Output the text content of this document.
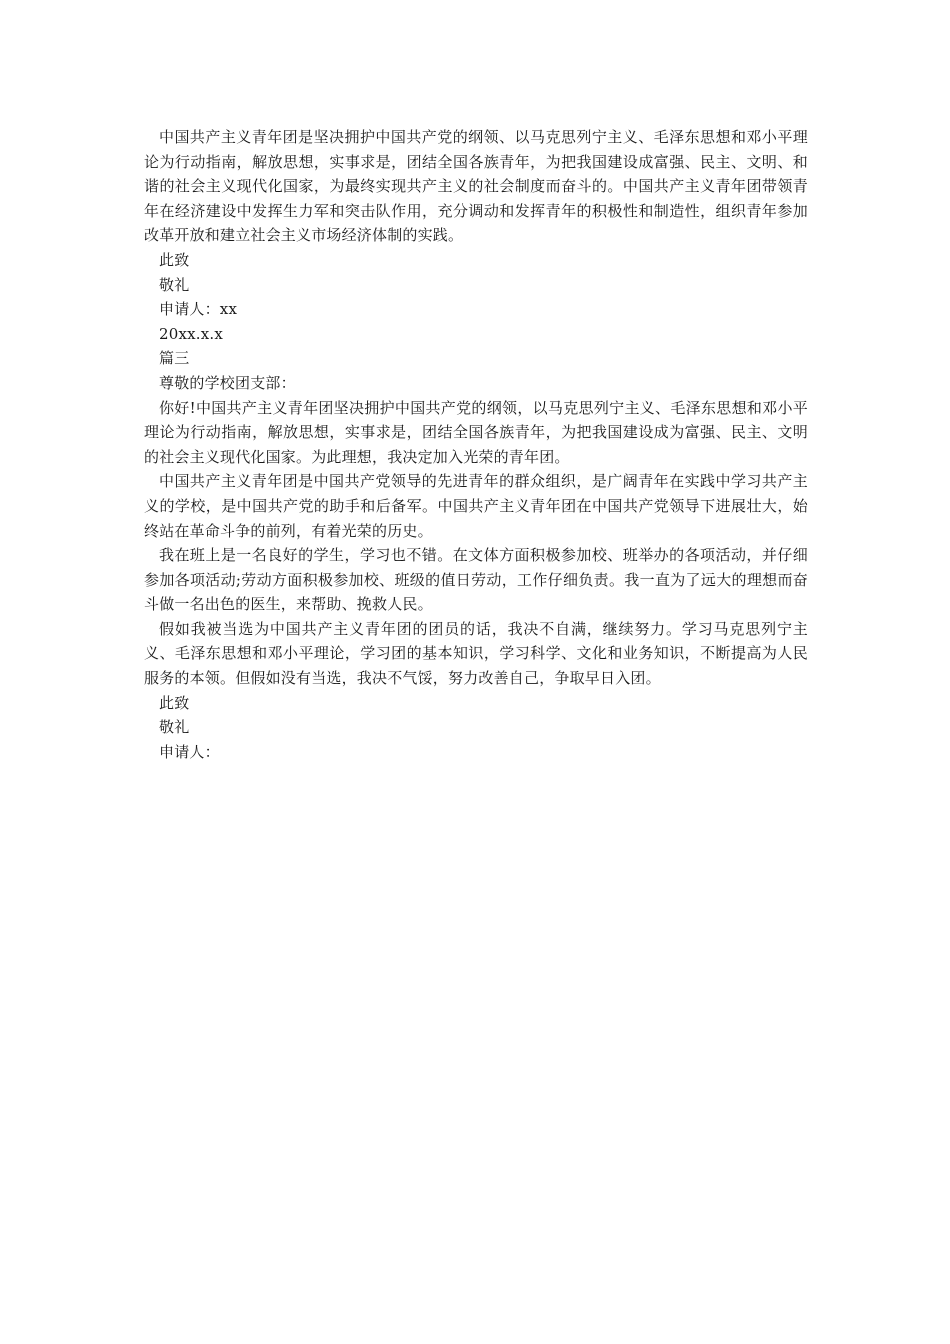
中国共产主义青年团是坚决拥护中国共产党的纲领、以马克思列宁主义、毛泽东思想和邓小平理论为行动指南，解放思想，实事求是，团结全国各族青年，为把我国建设成富强、民主、文明、和谐的社会主义现代化国家，为最终实现共产主义的社会制度而奋斗的。中国共产主义青年团带领青年在经济建设中发挥生力军和突击队作用，充分调动和发挥青年的积极性和制造性，组织青年参加改革开放和建立社会主义市场经济体制的实践。

此致

敬礼

申请人：xx

20xx.x.x

篇三

尊敬的学校团支部：

你好!中国共产主义青年团坚决拥护中国共产党的纲领，以马克思列宁主义、毛泽东思想和邓小平理论为行动指南，解放思想，实事求是，团结全国各族青年，为把我国建设成为富强、民主、文明的社会主义现代化国家。为此理想，我决定加入光荣的青年团。

中国共产主义青年团是中国共产党领导的先进青年的群众组织，是广阔青年在实践中学习共产主义的学校，是中国共产党的助手和后备军。中国共产主义青年团在中国共产党领导下进展壮大，始终站在革命斗争的前列，有着光荣的历史。

我在班上是一名良好的学生，学习也不错。在文体方面积极参加校、班举办的各项活动，并仔细参加各项活动;劳动方面积极参加校、班级的值日劳动，工作仔细负责。我一直为了远大的理想而奋斗做一名出色的医生，来帮助、挽救人民。

假如我被当选为中国共产主义青年团的团员的话，我决不自满，继续努力。学习马克思列宁主义、毛泽东思想和邓小平理论，学习团的基本知识，学习科学、文化和业务知识，不断提高为人民服务的本领。但假如没有当选，我决不气馁，努力改善自己，争取早日入团。

此致

敬礼

申请人：
